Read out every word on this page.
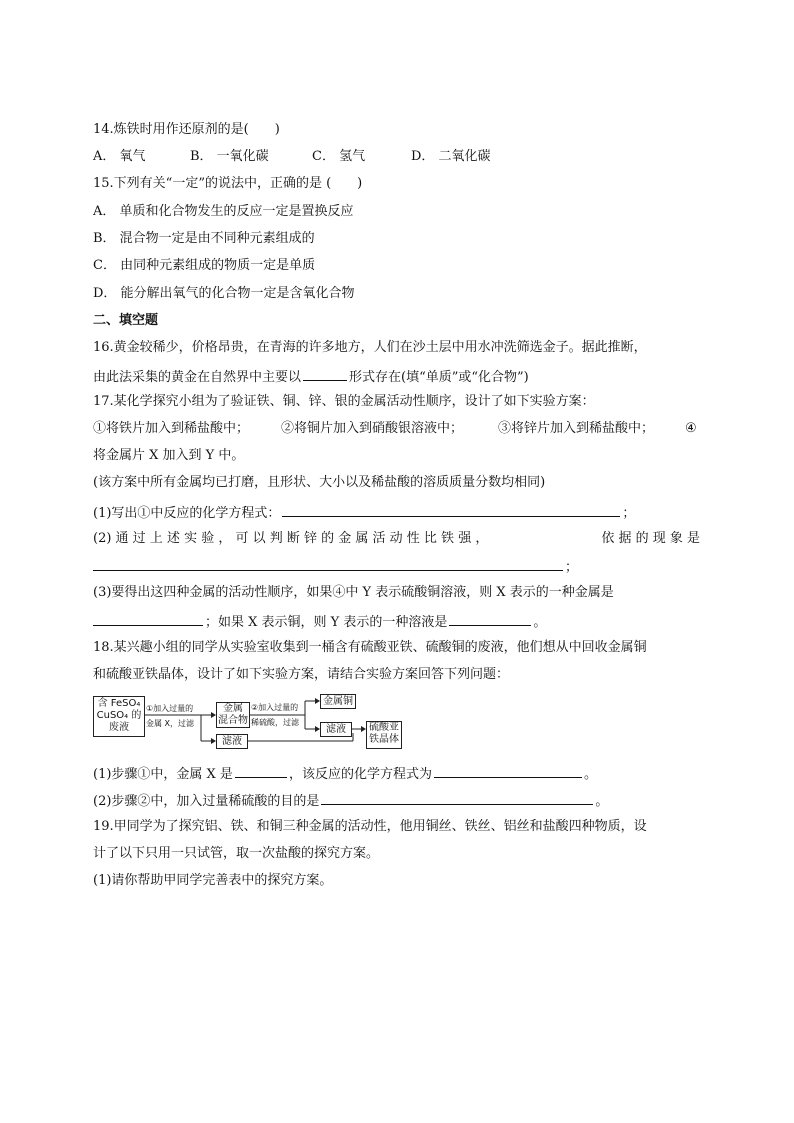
14.炼铁时用作还原剂的是(　　)
A． 氧气	B． 一氧化碳	C． 氢气	D． 二氧化碳
15.下列有关“一定”的说法中，正确的是 (　　)
A． 单质和化合物发生的反应一定是置换反应
B． 混合物一定是由不同种元素组成的
C． 由同种元素组成的物质一定是单质
D． 能分解出氧气的化合物一定是含氧化合物
二、填空题
16.黄金较稀少，价格昂贵，在青海的许多地方，人们在沙土层中用水冲洗筛选金子。据此推断，
由此法采集的黄金在自然界中主要以	形式存在(填“单质”或“化合物”)
17.某化学探究小组为了验证铁、铜、锌、银的金属活动性顺序，设计了如下实验方案：
①将铁片加入到稀盐酸中； ②将铜片加入到硝酸银溶液中；	③将锌片加入到稀盐酸中； ④
将金属片 X 加入到 Y 中。
(该方案中所有金属均已打磨，且形状、大小以及稀盐酸的溶质质量分数均相同)
(1)写出①中反应的化学方程式：	；
(2) 通 过 上 述 实 验 ， 可 以 判 断 锌 的 金 属 活 动 性 比 铁 强 ，	依 据 的 现 象 是
；
(3)要得出这四种金属的活动性顺序，如果④中 Y 表示硫酸铜溶液，则 X 表示的一种金属是
；如果 X 表示铜，则 Y 表示的一种溶液是	。
18.某兴趣小组的同学从实验室收集到一桶含有硫酸亚铁、硫酸铜的废液，他们想从中回收金属铜
和硫酸亚铁晶体，设计了如下实验方案，请结合实验方案回答下列问题：
含 FeSO₄
CuSO₄ 的
废液
①加入过量的
金属 X，过滤
金属
混合物
②加入过量的
稀硫酸，过滤
金属铜
滤液
滤液
硫酸亚
铁晶体
(1)步骤①中，金属 X 是	，该反应的化学方程式为	。
(2)步骤②中，加入过量稀硫酸的目的是	。
19.甲同学为了探究铝、铁、和铜三种金属的活动性，他用铜丝、铁丝、铝丝和盐酸四种物质，设
计了以下只用一只试管，取一次盐酸的探究方案。
(1)请你帮助甲同学完善表中的探究方案。
